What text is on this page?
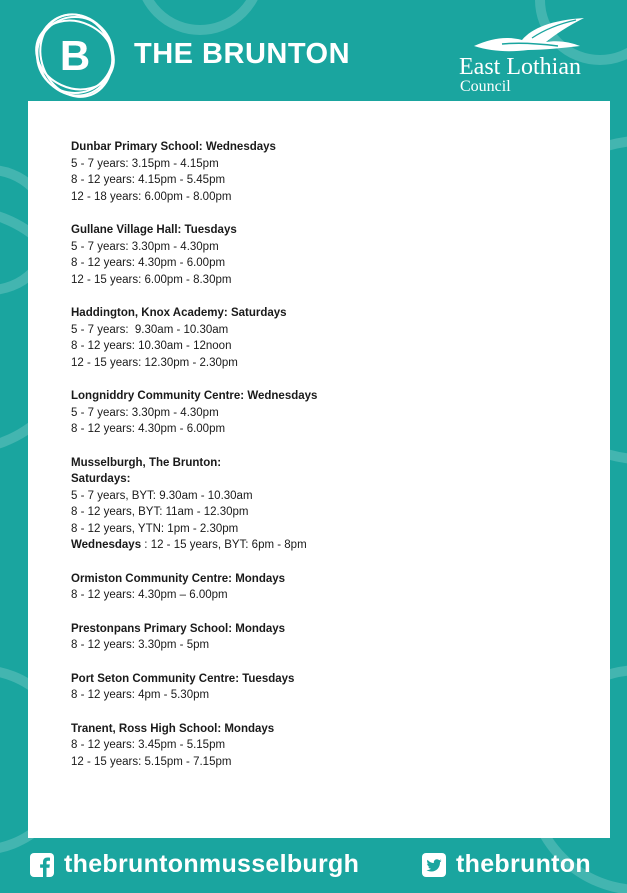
B THE BRUNTON	East Lothian
Council
Dunbar Primary School: Wednesdays
5 - 7 years: 3.15pm - 4.15pm
8 - 12 years: 4.15pm - 5.45pm
12 - 18 years: 6.00pm - 8.00pm
Gullane Village Hall: Tuesdays
5 - 7 years: 3.30pm - 4.30pm
8 - 12 years: 4.30pm - 6.00pm
12 - 15 years: 6.00pm - 8.30pm
Haddington, Knox Academy: Saturdays
5 - 7 years:  9.30am - 10.30am
8 - 12 years: 10.30am - 12noon
12 - 15 years: 12.30pm - 2.30pm
Longniddry Community Centre: Wednesdays
5 - 7 years: 3.30pm - 4.30pm
8 - 12 years: 4.30pm - 6.00pm
Musselburgh, The Brunton:
Saturdays:
5 - 7 years, BYT: 9.30am - 10.30am
8 - 12 years, BYT: 11am - 12.30pm
8 - 12 years, YTN: 1pm - 2.30pm
Wednesdays : 12 - 15 years, BYT: 6pm - 8pm
Ormiston Community Centre: Mondays
8 - 12 years: 4.30pm – 6.00pm
Prestonpans Primary School: Mondays
8 - 12 years: 3.30pm - 5pm
Port Seton Community Centre: Tuesdays
8 - 12 years: 4pm - 5.30pm
Tranent, Ross High School: Mondays
8 - 12 years: 3.45pm - 5.15pm
12 - 15 years: 5.15pm - 7.15pm
thebruntonmusselburgh	thebrunton
